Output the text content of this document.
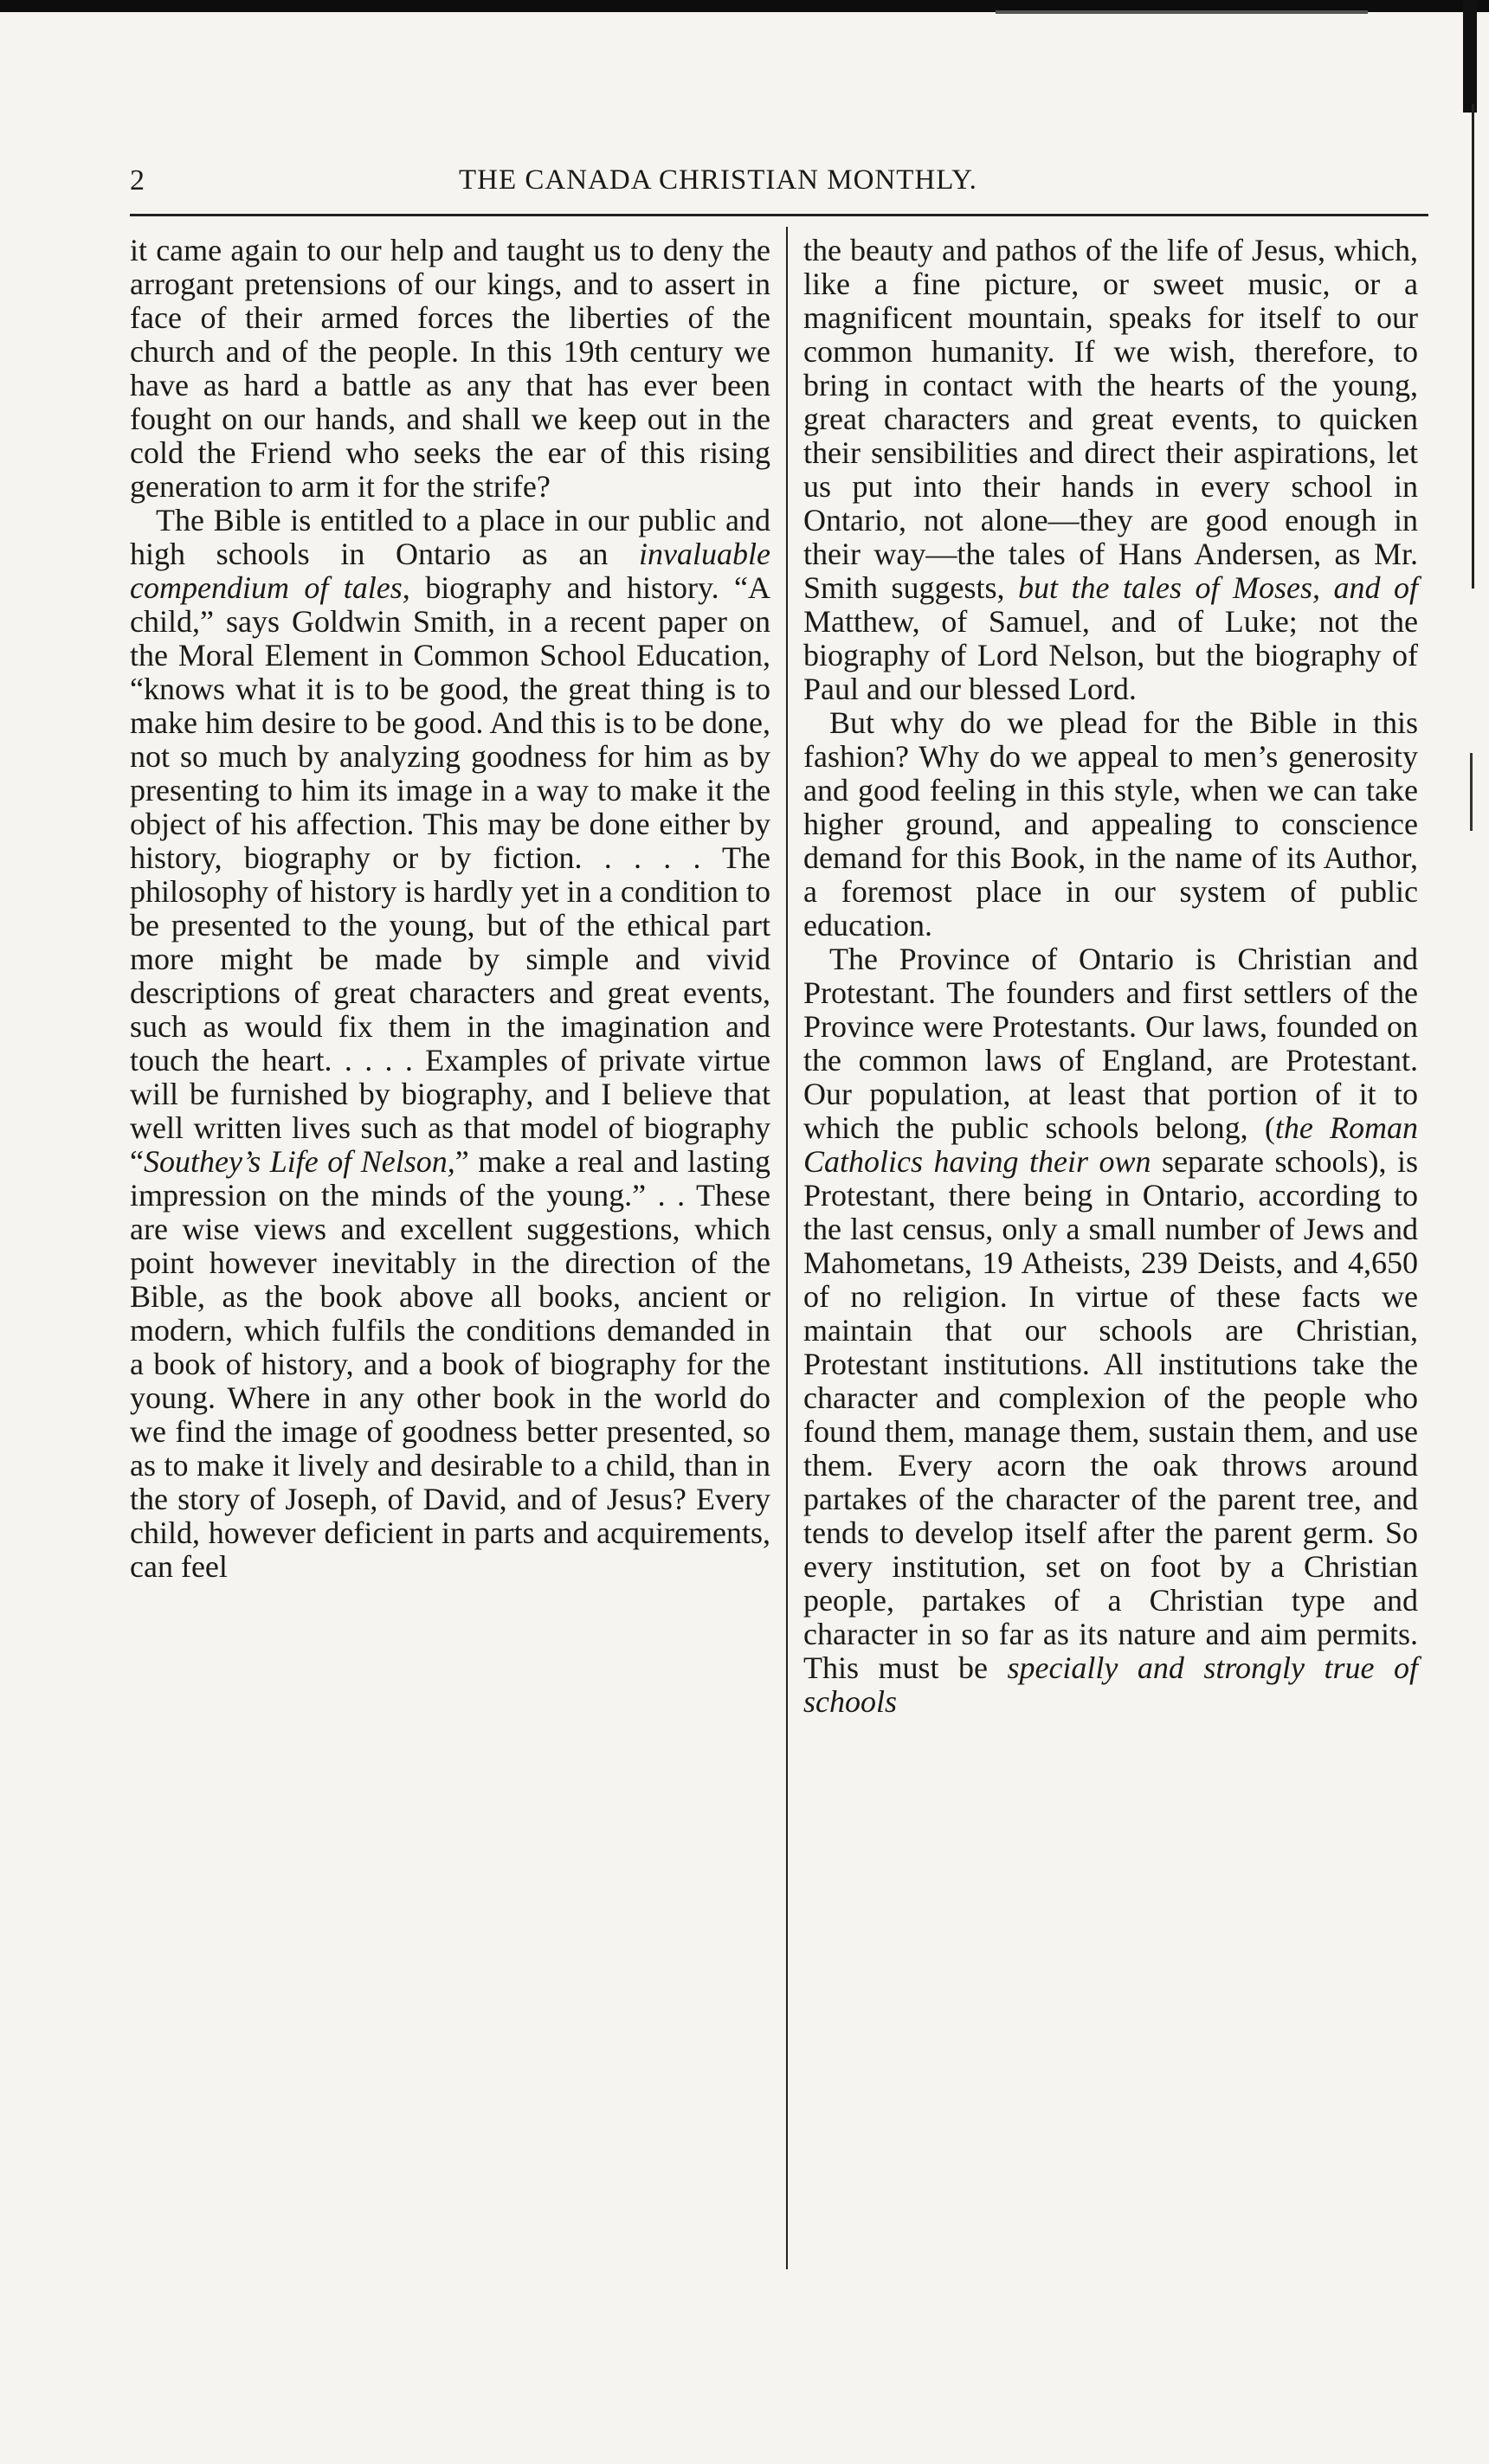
2	THE CANADA CHRISTIAN MONTHLY.

it came again to our help and taught us to deny the arrogant pretensions of our kings, and to assert in face of their armed forces the liberties of the church and of the people. In this 19th century we have as hard a battle as any that has ever been fought on our hands, and shall we keep out in the cold the Friend who seeks the ear of this rising generation to arm it for the strife?

The Bible is entitled to a place in our public and high schools in Ontario as an invaluable compendium of tales, biography and history. “A child,” says Goldwin Smith, in a recent paper on the Moral Element in Common School Education, “knows what it is to be good, the great thing is to make him desire to be good. And this is to be done, not so much by analyzing goodness for him as by presenting to him its image in a way to make it the object of his affection. This may be done either by history, biography or by fiction. . . . . The philosophy of history is hardly yet in a condition to be presented to the young, but of the ethical part more might be made by simple and vivid descriptions of great characters and great events, such as would fix them in the imagination and touch the heart. . . . . Examples of private virtue will be furnished by biography, and I believe that well written lives such as that model of biography “Southey’s Life of Nelson,” make a real and lasting impression on the minds of the young.” . . These are wise views and excellent suggestions, which point however inevitably in the direction of the Bible, as the book above all books, ancient or modern, which fulfils the conditions demanded in a book of history, and a book of biography for the young. Where in any other book in the world do we find the image of goodness better presented, so as to make it lively and desirable to a child, than in the story of Joseph, of David, and of Jesus? Every child, however deficient in parts and acquirements, can feel

the beauty and pathos of the life of Jesus, which, like a fine picture, or sweet music, or a magnificent mountain, speaks for itself to our common humanity. If we wish, therefore, to bring in contact with the hearts of the young, great characters and great events, to quicken their sensibilities and direct their aspirations, let us put into their hands in every school in Ontario, not alone—they are good enough in their way—the tales of Hans Andersen, as Mr. Smith suggests, but the tales of Moses, and of Matthew, of Samuel, and of Luke; not the biography of Lord Nelson, but the biography of Paul and our blessed Lord.

But why do we plead for the Bible in this fashion? Why do we appeal to men’s generosity and good feeling in this style, when we can take higher ground, and appealing to conscience demand for this Book, in the name of its Author, a foremost place in our system of public education.

The Province of Ontario is Christian and Protestant. The founders and first settlers of the Province were Protestants. Our laws, founded on the common laws of England, are Protestant. Our population, at least that portion of it to which the public schools belong, (the Roman Catholics having their own separate schools), is Protestant, there being in Ontario, according to the last census, only a small number of Jews and Mahometans, 19 Atheists, 239 Deists, and 4,650 of no religion. In virtue of these facts we maintain that our schools are Christian, Protestant institutions. All institutions take the character and complexion of the people who found them, manage them, sustain them, and use them. Every acorn the oak throws around partakes of the character of the parent tree, and tends to develop itself after the parent germ. So every institution, set on foot by a Christian people, partakes of a Christian type and character in so far as its nature and aim permits. This must be specially and strongly true of schools
